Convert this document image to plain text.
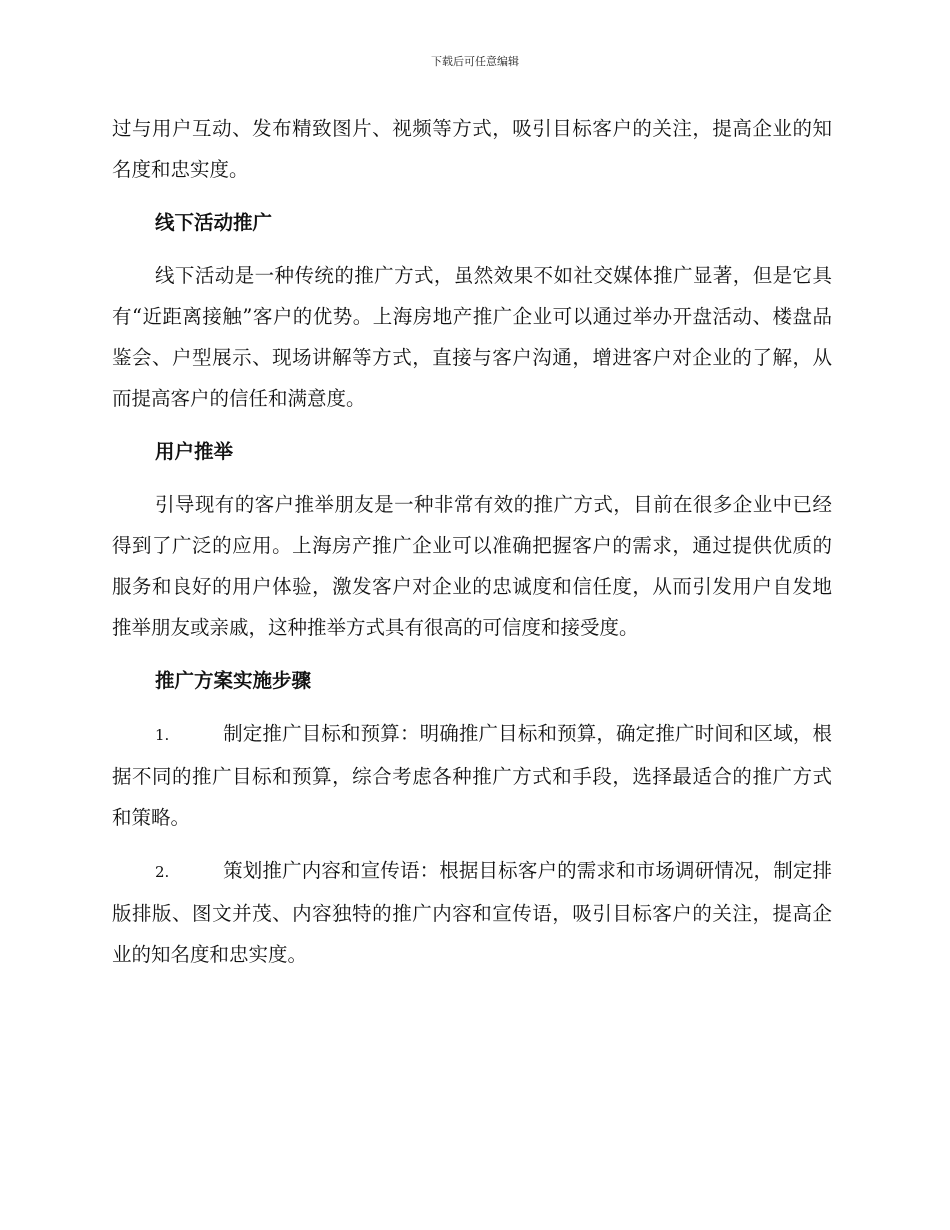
下载后可任意编辑

过与用户互动、发布精致图片、视频等方式，吸引目标客户的关注，提高企业的知名度和忠实度。

线下活动推广

线下活动是一种传统的推广方式，虽然效果不如社交媒体推广显著，但是它具有“近距离接触”客户的优势。上海房地产推广企业可以通过举办开盘活动、楼盘品鉴会、户型展示、现场讲解等方式，直接与客户沟通，增进客户对企业的了解，从而提高客户的信任和满意度。

用户推举

引导现有的客户推举朋友是一种非常有效的推广方式，目前在很多企业中已经得到了广泛的应用。上海房产推广企业可以准确把握客户的需求，通过提供优质的服务和良好的用户体验，激发客户对企业的忠诚度和信任度，从而引发用户自发地推举朋友或亲戚，这种推举方式具有很高的可信度和接受度。

推广方案实施步骤

1.	制定推广目标和预算：明确推广目标和预算，确定推广时间和区域，根据不同的推广目标和预算，综合考虑各种推广方式和手段，选择最适合的推广方式和策略。

2.	策划推广内容和宣传语：根据目标客户的需求和市场调研情况，制定排版排版、图文并茂、内容独特的推广内容和宣传语，吸引目标客户的关注，提高企业的知名度和忠实度。
